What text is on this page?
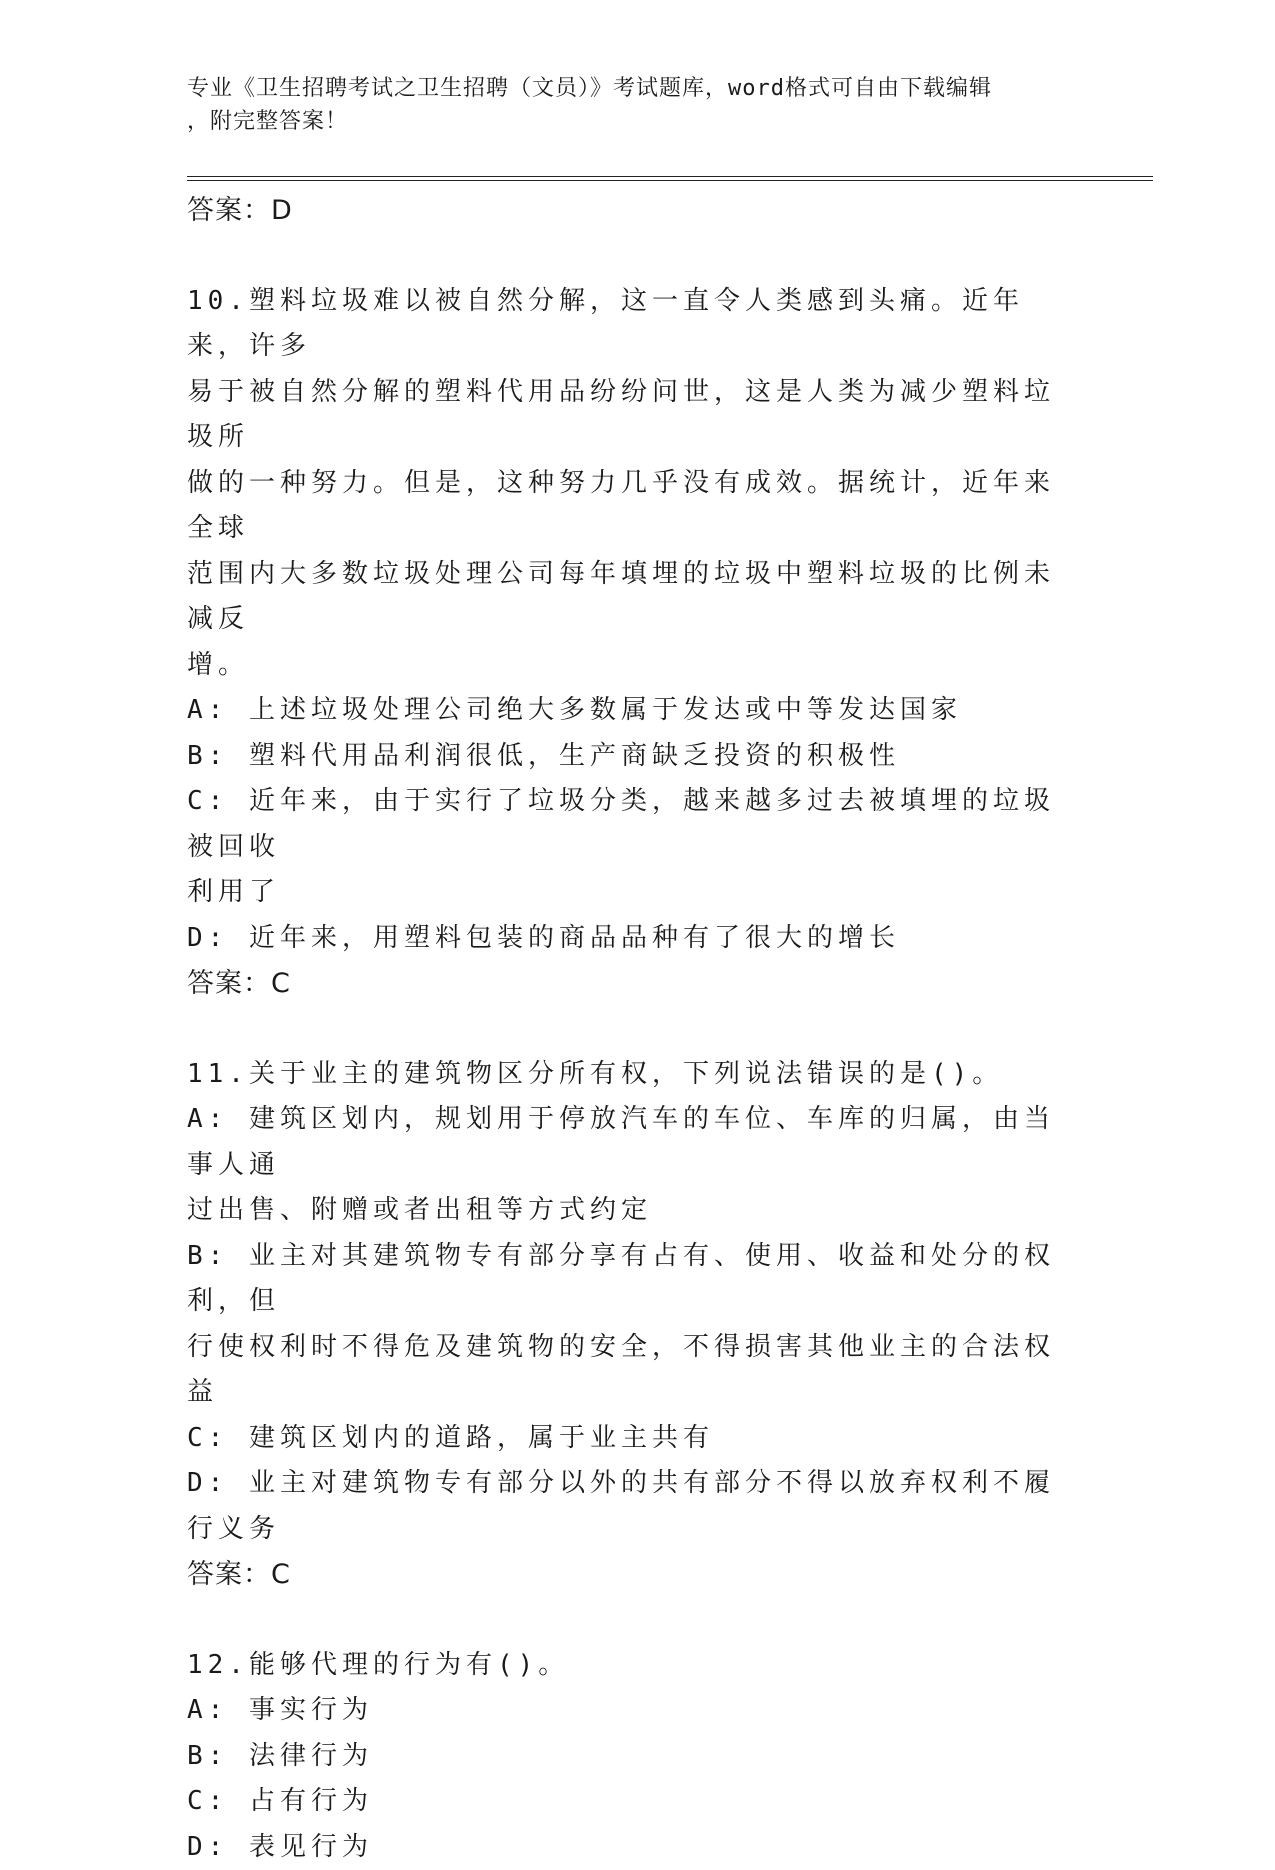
专业《卫生招聘考试之卫生招聘（文员）》考试题库，word格式可自由下载编辑
，附完整答案！
答案：D
10.塑料垃圾难以被自然分解，这一直令人类感到头痛。近年来，许多
易于被自然分解的塑料代用品纷纷问世，这是人类为减少塑料垃圾所
做的一种努力。但是，这种努力几乎没有成效。据统计，近年来全球
范围内大多数垃圾处理公司每年填埋的垃圾中塑料垃圾的比例未减反
增。
A: 上述垃圾处理公司绝大多数属于发达或中等发达国家
B: 塑料代用品利润很低，生产商缺乏投资的积极性
C: 近年来，由于实行了垃圾分类，越来越多过去被填埋的垃圾被回收
利用了
D: 近年来，用塑料包装的商品品种有了很大的增长
答案：C
11.关于业主的建筑物区分所有权，下列说法错误的是()。
A: 建筑区划内，规划用于停放汽车的车位、车库的归属，由当事人通
过出售、附赠或者出租等方式约定
B: 业主对其建筑物专有部分享有占有、使用、收益和处分的权利，但
行使权利时不得危及建筑物的安全，不得损害其他业主的合法权益
C: 建筑区划内的道路，属于业主共有
D: 业主对建筑物专有部分以外的共有部分不得以放弃权利不履行义务
答案：C
12.能够代理的行为有()。
A: 事实行为
B: 法律行为
C: 占有行为
D: 表见行为
